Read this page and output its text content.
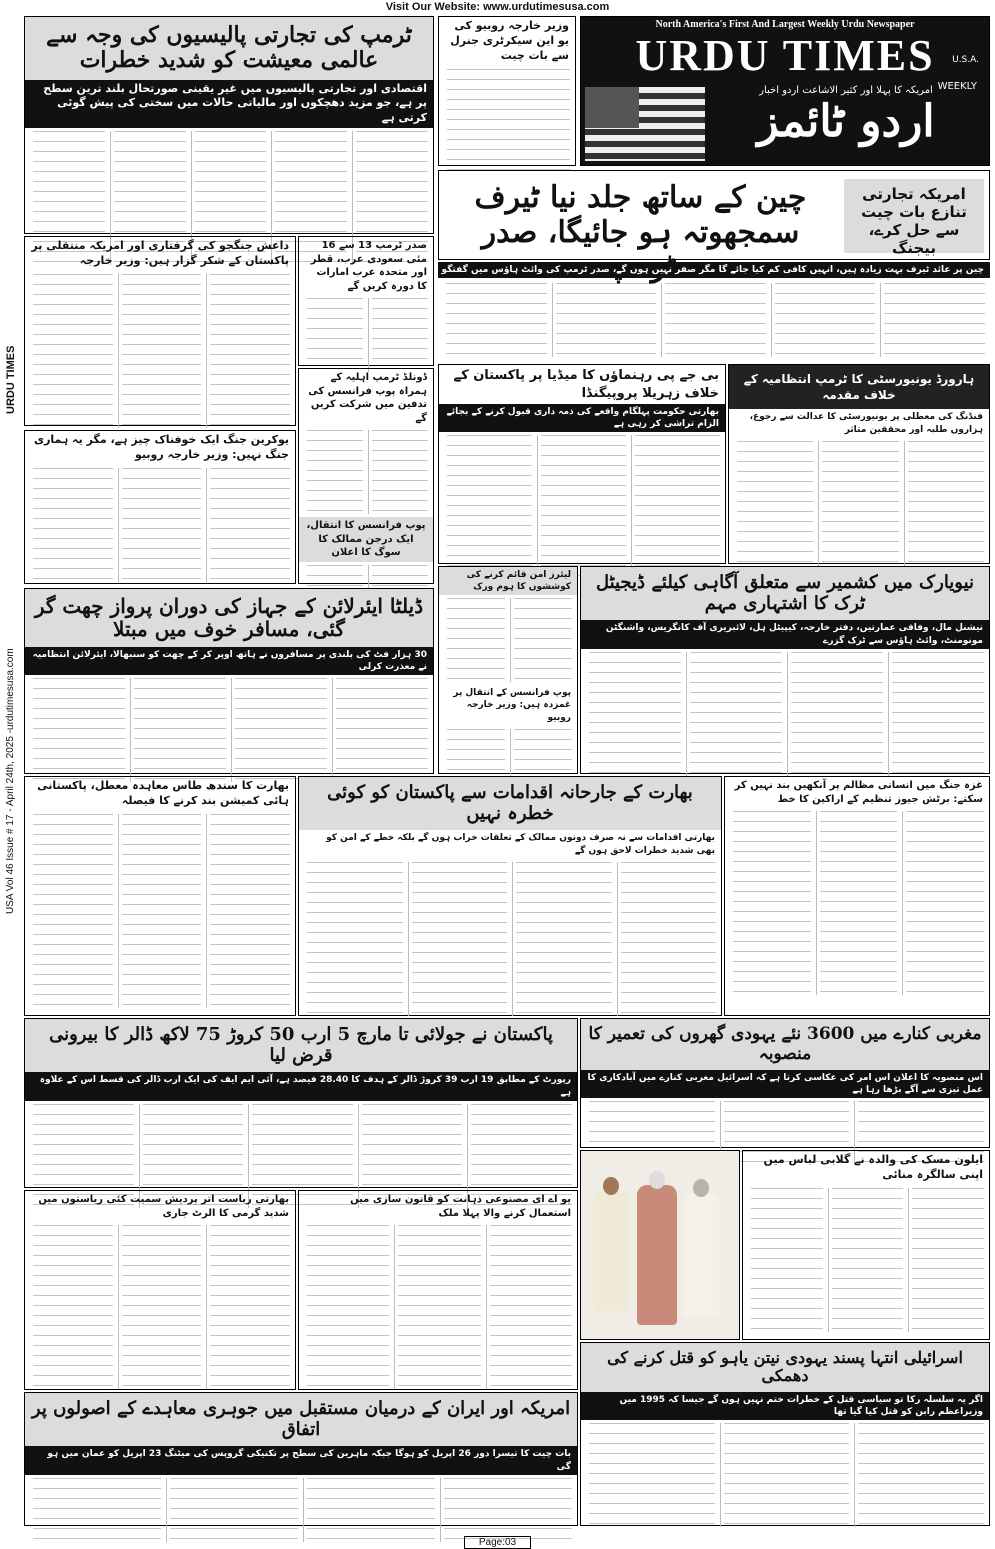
Visit Our Website: www.urdutimesusa.com
URDU TIMES
USA Vol 46 Issue # 17 - April 24th, 2025 -urdutimesusa.com
North America's First And Largest Weekly Urdu Newspaper
URDU TIMES	U.S.A.
WEEKLY
امریکہ کا پہلا اور کثیر الاشاعت اردو اخبار
اردو ٹائمز
ٹرمپ کی تجارتی پالیسیوں کی وجہ سے عالمی معیشت کو شدید خطرات
اقتصادی اور تجارتی پالیسیوں میں غیر یقینی صورتحال بلند ترین سطح پر ہے، جو مزید دھچکوں اور مالیاتی حالات میں سختی کی پیش گوئی کرتی ہے
وزیر خارجہ روبیو کی یو این سیکرٹری جنرل سے بات چیت
چین کے ساتھ جلد نیا ٹیرف سمجھوتہ ہو جائیگا، صدر
امریکہ تجارتی تنازع بات چیت سے حل کرے، بیجنگ
چین پر عائد ٹیرف بہت زیادہ ہیں، انہیں کافی کم کیا جائے گا مگر صفر نہیں ہوں گے، صدر ٹرمپ کی وائٹ ہاؤس میں گفتگو
داعش جنگجو کی گرفتاری اور امریکہ منتقلی پر پاکستان کے شکر گزار ہیں: وزیر خارجہ
صدر ٹرمپ 13 سے 16 مئی سعودی عرب، قطر اور متحدہ عرب امارات کا دورہ کریں گے
ڈونلڈ ٹرمپ اہلیہ کے ہمراہ پوپ فرانسس کی تدفین میں شرکت کریں گے
پوپ فرانسس کا انتقال، ایک درجن ممالک کا سوگ کا اعلان
یوکرین جنگ ایک خوفناک چیز ہے، مگر یہ ہماری جنگ نہیں: وزیر خارجہ روبیو
بی جے پی رہنماؤں کا میڈیا پر پاکستان کے خلاف زہریلا پروپیگنڈا
بھارتی حکومت پہلگام واقعے کی ذمہ داری قبول کرنے کے بجائے الزام تراشی کر رہی ہے
ہارورڈ یونیورسٹی کا ٹرمپ انتظامیہ کے خلاف مقدمہ
فنڈنگ کی معطلی پر یونیورسٹی کا عدالت سے رجوع، ہزاروں طلبہ اور محققین متاثر
ڈیلٹا ایئرلائن کے جہاز کی دوران پرواز چھت گر گئی، مسافر خوف میں مبتلا
30 ہزار فٹ کی بلندی پر مسافروں نے ہاتھ اوپر کر کے چھت کو سنبھالا، ایئرلائن انتظامیہ نے معذرت کرلی
لیئرز امن قائم کرنے کی کوششوں کا ہوم ورک
پوپ فرانسس کے انتقال پر غمزدہ ہیں: وزیر خارجہ روبیو
نیویارک میں کشمیر سے متعلق آگاہی کیلئے ڈیجیٹل ٹرک کا اشتہاری مہم
نیشنل مال، وفاقی عمارتیں، دفتر خارجہ، کیپیٹل ہل، لائبریری آف کانگریس، واشنگٹن مونومنٹ، وائٹ ہاؤس سے ٹرک گزرے
بھارت کا سندھ طاس معاہدہ معطل، پاکستانی ہائی کمیشن بند کرنے کا فیصلہ	بھارت کے جارحانہ اقدامات سے پاکستان کو کوئی خطرہ نہیں
بھارتی اقدامات سے نہ صرف دونوں ممالک کے تعلقات خراب ہوں گے بلکہ خطے کے امن کو بھی شدید خطرات لاحق ہوں گے
غزہ جنگ میں انسانی مظالم پر آنکھیں بند نہیں کر سکتے: برٹش جیوز تنظیم کے اراکین کا خط
پاکستان نے جولائی تا مارچ 5 ارب 50 کروڑ 75 لاکھ ڈالر کا بیرونی قرض لیا
رپورٹ کے مطابق 19 ارب 39 کروڑ ڈالر کے ہدف کا 28.40 فیصد ہے، آئی ایم ایف کی ایک ارب ڈالر کی قسط اس کے علاوہ ہے
مغربی کنارے میں 3600 نئے یہودی گھروں کی تعمیر کا منصوبہ
اس منصوبہ کا اعلان اس امر کی عکاسی کرتا ہے کہ اسرائیل مغربی کنارے میں آبادکاری کا عمل تیزی سے آگے بڑھا رہا ہے
ایلون مسک کی والدہ نے گلابی لباس میں اپنی سالگرہ منائی
بھارتی ریاست اتر پردیش سمیت کئی ریاستوں میں شدید گرمی کا الرٹ جاری
یو اے ای مصنوعی ذہانت کو قانون سازی میں استعمال کرنے والا پہلا ملک
امریکہ اور ایران کے درمیان مستقبل میں جوہری معاہدے کے اصولوں پر اتفاق
بات چیت کا تیسرا دور 26 اپریل کو ہوگا جبکہ ماہرین کی سطح پر تکنیکی گروپس کی میٹنگ 23 اپریل کو عمان میں ہو گی
اسرائیلی انتہا پسند یہودی نیتن یاہو کو قتل کرنے کی دھمکی
اگر یہ سلسلہ رکا تو سیاسی قتل کے خطرات ختم نہیں ہوں گے جیسا کہ 1995 میں وزیراعظم رابن کو قتل کیا گیا تھا
Page:03
